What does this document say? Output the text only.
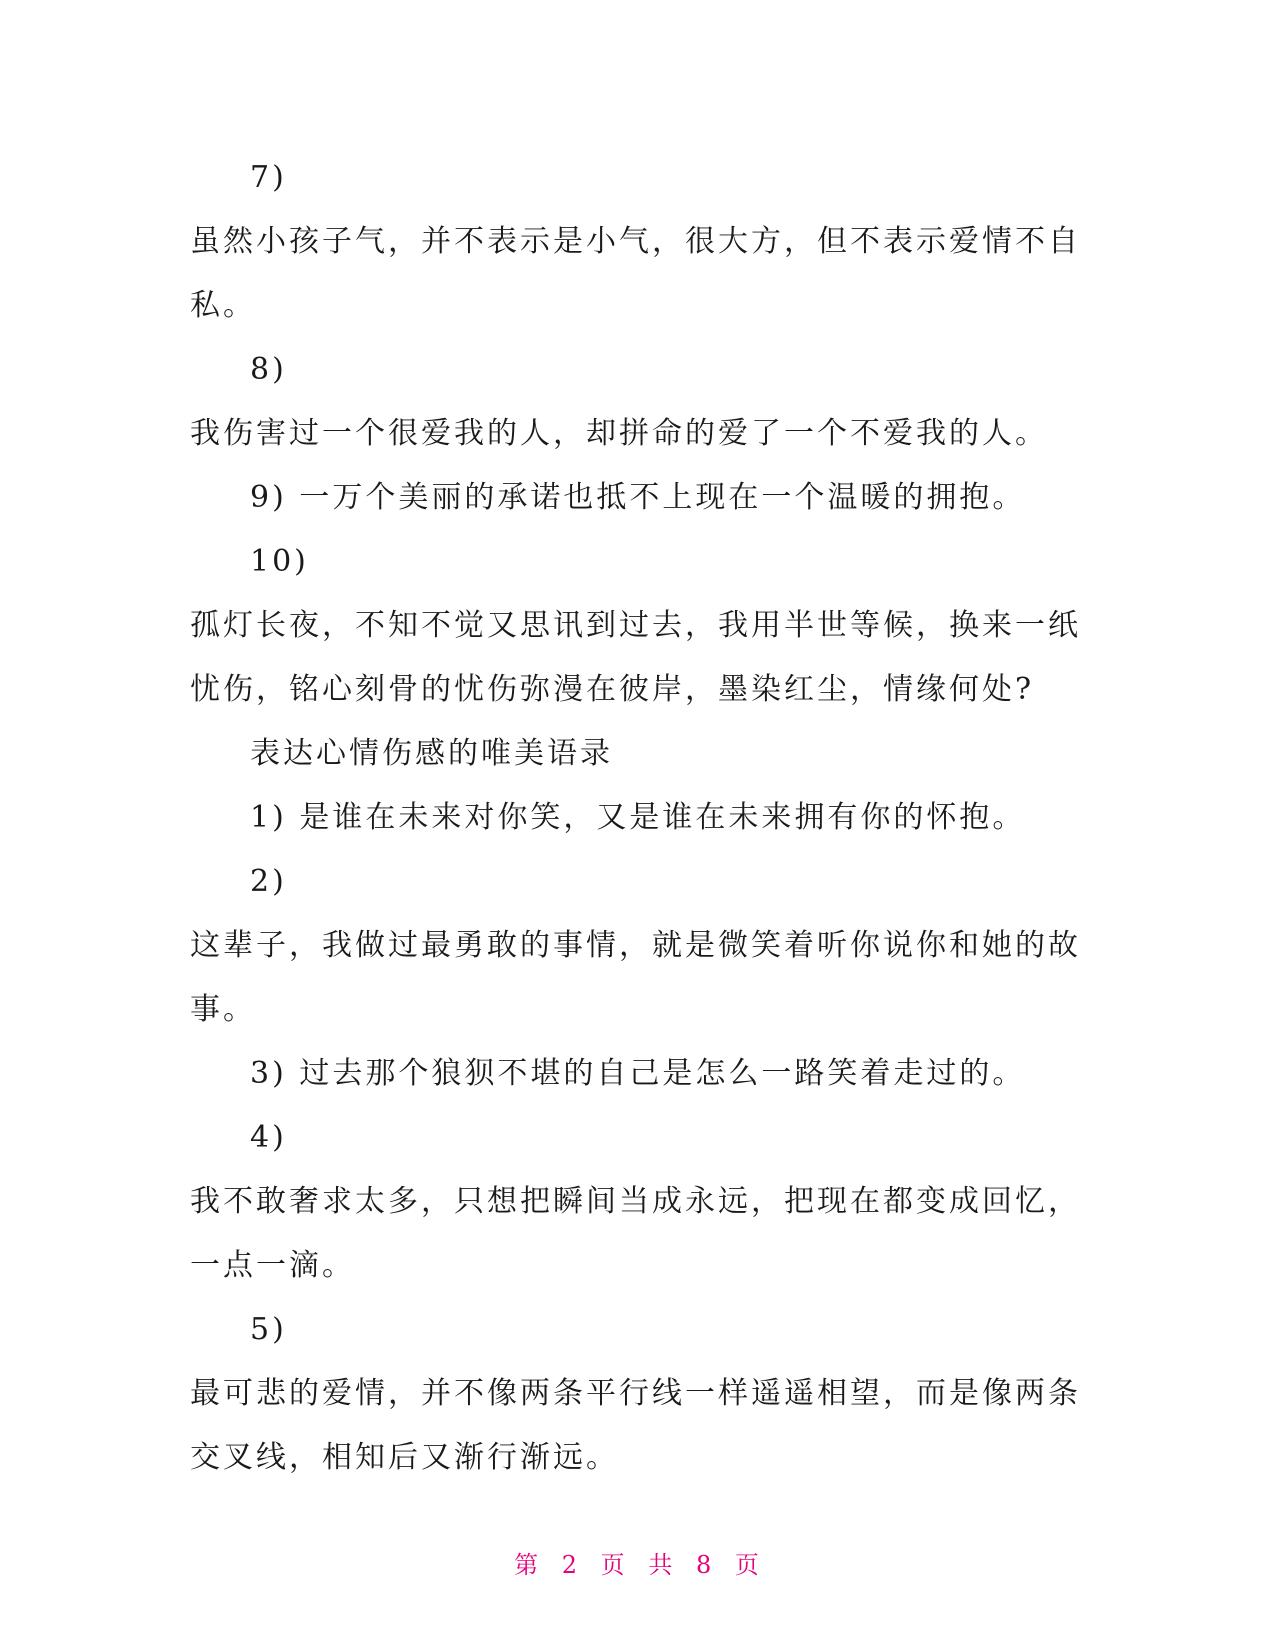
7)
虽然小孩子气，并不表示是小气，很大方，但不表示爱情不自
私。
8)
我伤害过一个很爱我的人，却拼命的爱了一个不爱我的人。
9) 一万个美丽的承诺也抵不上现在一个温暖的拥抱。
10)
孤灯长夜，不知不觉又思讯到过去，我用半世等候，换来一纸
忧伤，铭心刻骨的忧伤弥漫在彼岸，墨染红尘，情缘何处?
表达心情伤感的唯美语录
1) 是谁在未来对你笑，又是谁在未来拥有你的怀抱。
2)
这辈子，我做过最勇敢的事情，就是微笑着听你说你和她的故
事。
3) 过去那个狼狈不堪的自己是怎么一路笑着走过的。
4)
我不敢奢求太多，只想把瞬间当成永远，把现在都变成回忆，
一点一滴。
5)
最可悲的爱情，并不像两条平行线一样遥遥相望，而是像两条
交叉线，相知后又渐行渐远。
第 2 页 共 8 页
